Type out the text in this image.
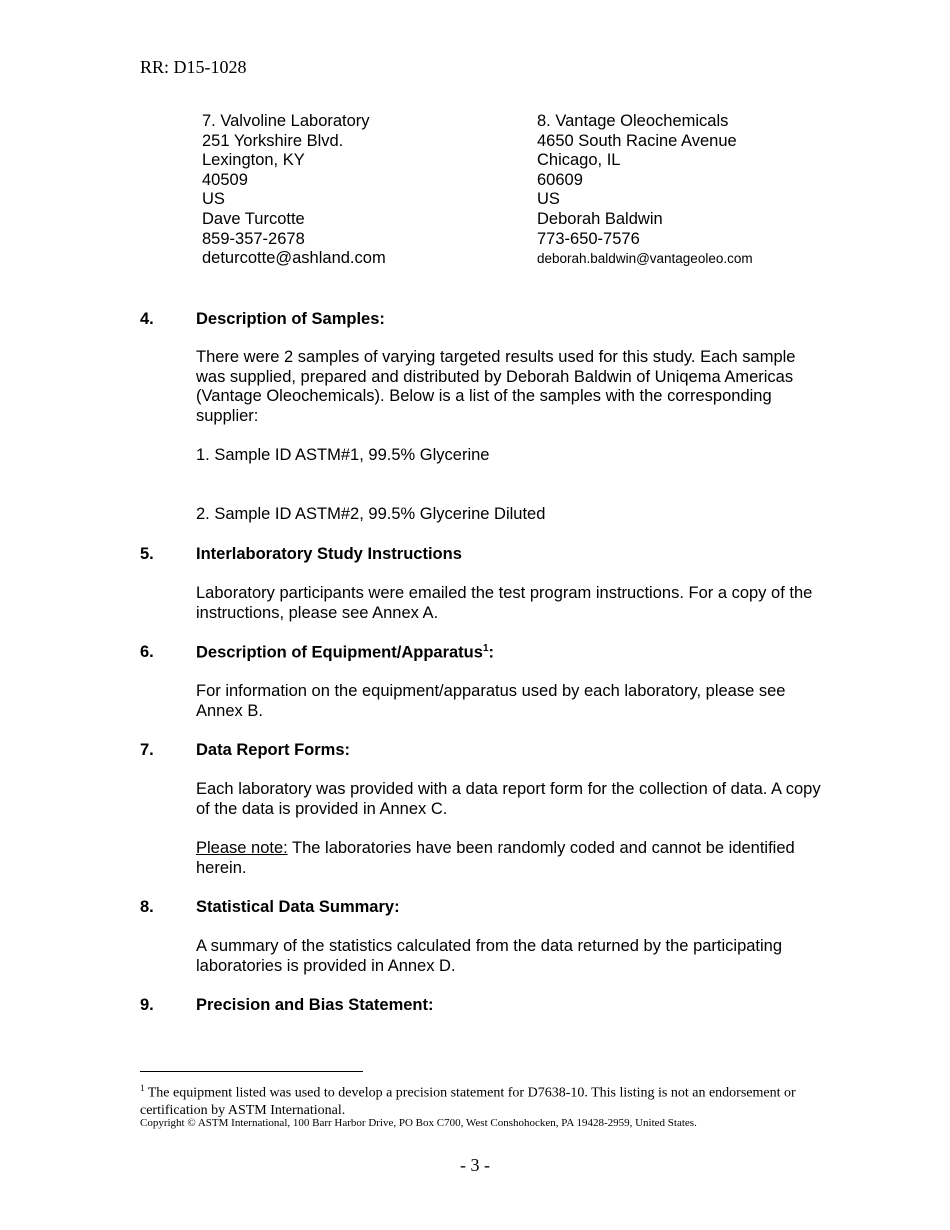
RR: D15-1028
7. Valvoline Laboratory
251 Yorkshire Blvd.
Lexington, KY
40509
US
Dave Turcotte
859-357-2678
deturcotte@ashland.com
8. Vantage Oleochemicals
4650 South Racine Avenue
Chicago, IL
60609
US
Deborah Baldwin
773-650-7576
deborah.baldwin@vantageoleo.com
4.	Description of Samples:
There were 2 samples of varying targeted results used for this study. Each sample was supplied, prepared and distributed by Deborah Baldwin of Uniqema Americas (Vantage Oleochemicals). Below is a list of the samples with the corresponding supplier:
1. Sample ID ASTM#1, 99.5% Glycerine
2. Sample ID ASTM#2, 99.5% Glycerine Diluted
5.	Interlaboratory Study Instructions
Laboratory participants were emailed the test program instructions. For a copy of the instructions, please see Annex A.
6.	Description of Equipment/Apparatus$^1$:
For information on the equipment/apparatus used by each laboratory, please see Annex B.
7.	Data Report Forms:
Each laboratory was provided with a data report form for the collection of data. A copy of the data is provided in Annex C.
Please note: The laboratories have been randomly coded and cannot be identified herein.
8.	Statistical Data Summary:
A summary of the statistics calculated from the data returned by the participating laboratories is provided in Annex D.
9.	Precision and Bias Statement:
$^1$ The equipment listed was used to develop a precision statement for D7638-10. This listing is not an endorsement or certification by ASTM International.
Copyright © ASTM International, 100 Barr Harbor Drive, PO Box C700, West Conshohocken, PA 19428-2959, United States.
- 3 -
